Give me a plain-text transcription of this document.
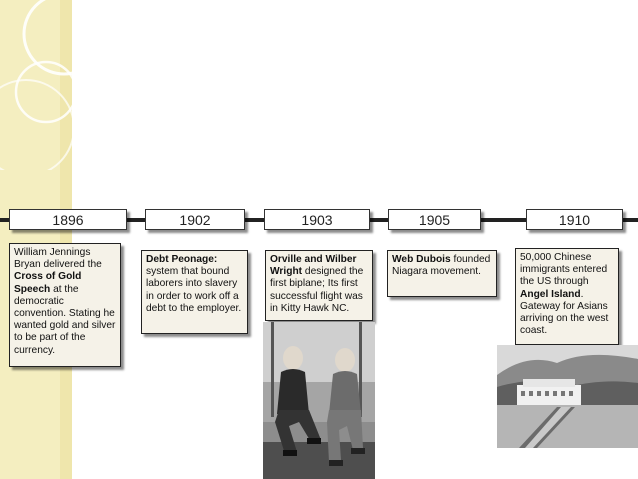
1896	1902	1903	1905	1910
William Jennings Bryan delivered the Cross of Gold Speech at the democratic convention. Stating he wanted gold and silver to be part of the currency.
Debt Peonage: system that bound laborers into slavery in order to work off a debt to the employer.
Orville and Wilber Wright designed the first biplane; Its first successful flight was in Kitty Hawk NC.
Web Dubois founded Niagara movement.
50,000 Chinese immigrants entered the US through Angel Island. Gateway for Asians arriving on the west coast.
